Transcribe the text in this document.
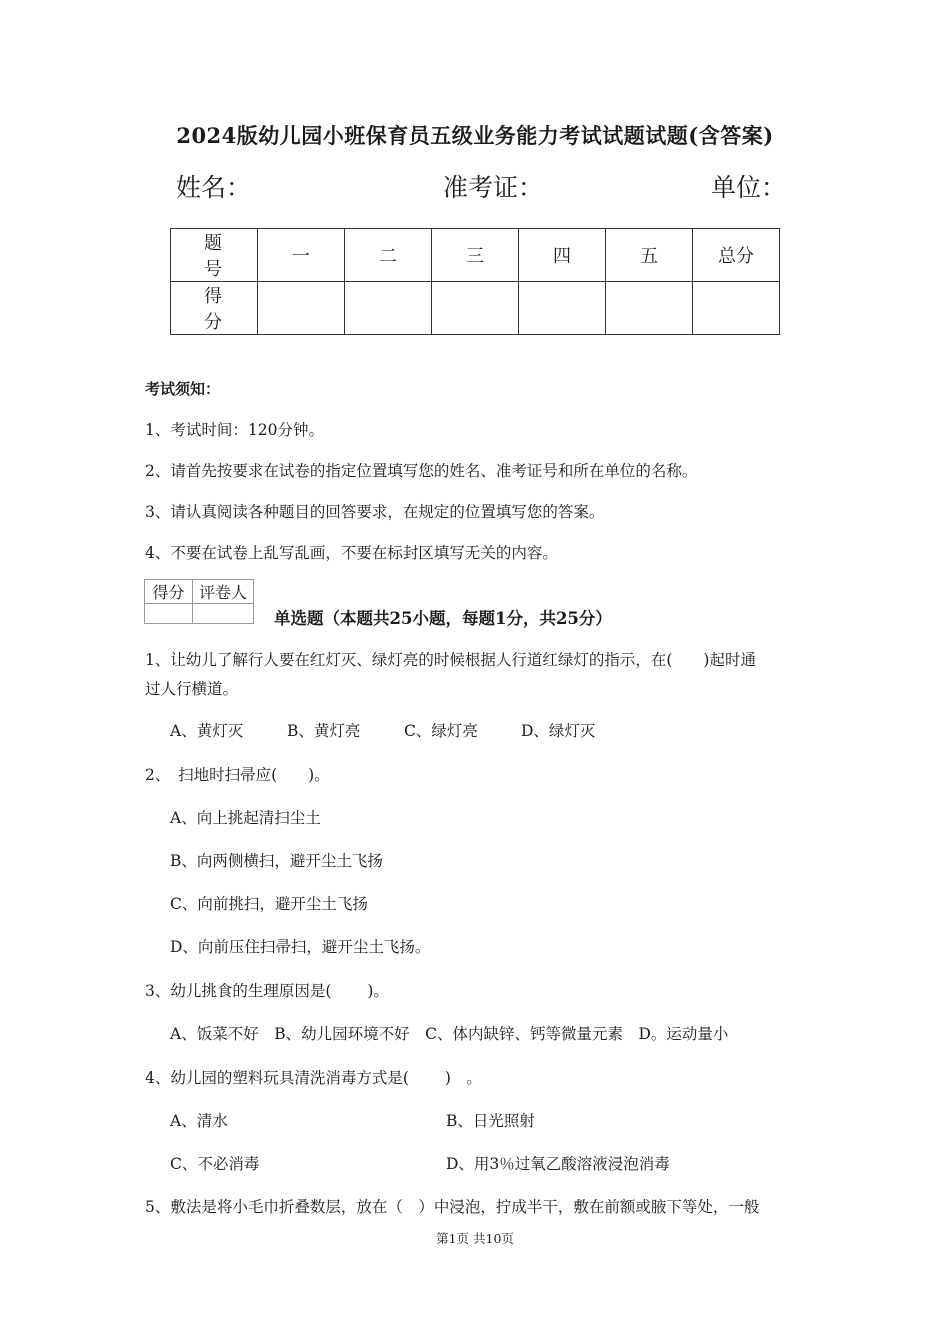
2024版幼儿园小班保育员五级业务能力考试试题试题(含答案)
姓名：	准考证：	单位：
题　号	一	二	三	四	五	总分
得　分						
考试须知：
1、考试时间：120分钟。
2、请首先按要求在试卷的指定位置填写您的姓名、准考证号和所在单位的名称。
3、请认真阅读各种题目的回答要求，在规定的位置填写您的答案。
4、不要在试卷上乱写乱画，不要在标封区填写无关的内容。
得分	评卷人

单选题（本题共25小题，每题1分，共25分）
1、让幼儿了解行人要在红灯灭、绿灯亮的时候根据人行道红绿灯的指示，在(　　)起时通
过人行横道。
A、黄灯灭	B、黄灯亮	C、绿灯亮	D、绿灯灭
2、　扫地时扫帚应(　　)。
A、向上挑起清扫尘土
B、向两侧横扫，避开尘土飞扬
C、向前挑扫，避开尘土飞扬
D、向前压住扫帚扫，避开尘土飞扬。
3、幼儿挑食的生理原因是(　　 )。
A、饭菜不好　B、幼儿园环境不好　C、体内缺锌、钙等微量元素　D。运动量小
4、幼儿园的塑料玩具清洗消毒方式是(　　 )　。
A、清水	B、日光照射
C、不必消毒	D、用3％过氧乙酸溶液浸泡消毒
5、敷法是将小毛巾折叠数层，放在（　）中浸泡，拧成半干，敷在前额或腋下等处，一般
第1页 共10页
